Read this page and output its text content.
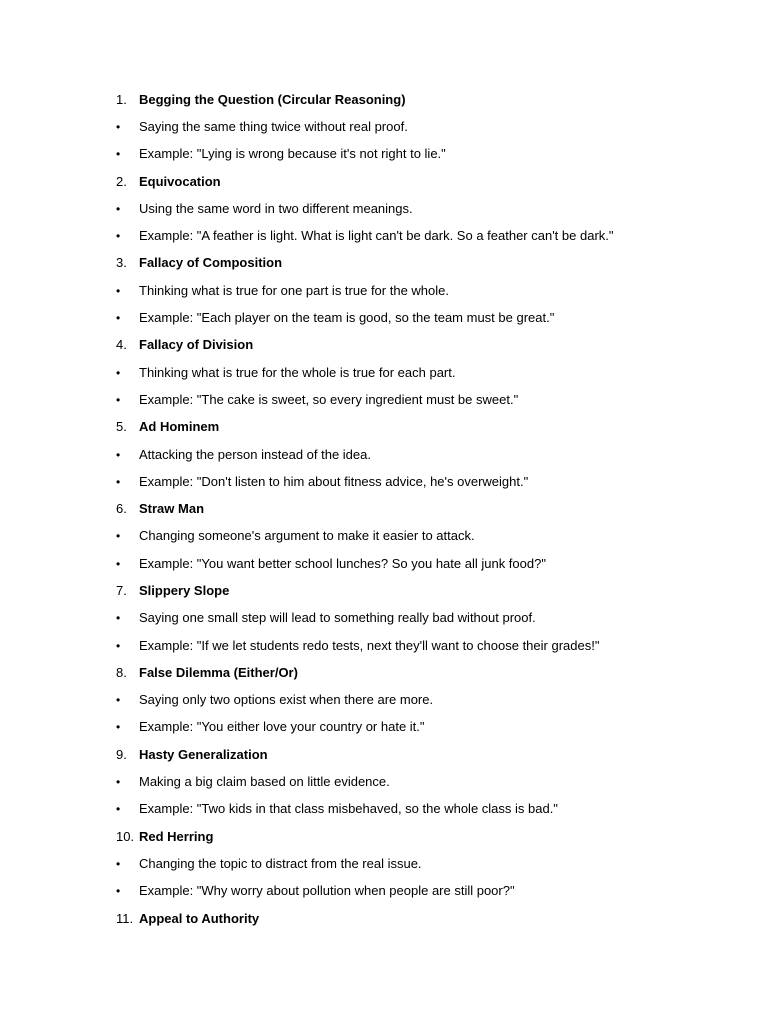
1. Begging the Question (Circular Reasoning)
•	Saying the same thing twice without real proof.
•	Example: "Lying is wrong because it's not right to lie."
2. Equivocation
•	Using the same word in two different meanings.
•	Example: "A feather is light. What is light can't be dark. So a feather can't be dark."
3. Fallacy of Composition
•	Thinking what is true for one part is true for the whole.
•	Example: "Each player on the team is good, so the team must be great."
4. Fallacy of Division
•	Thinking what is true for the whole is true for each part.
•	Example: "The cake is sweet, so every ingredient must be sweet."
5. Ad Hominem
•	Attacking the person instead of the idea.
•	Example: "Don't listen to him about fitness advice, he's overweight."
6. Straw Man
•	Changing someone's argument to make it easier to attack.
•	Example: "You want better school lunches? So you hate all junk food?"
7. Slippery Slope
•	Saying one small step will lead to something really bad without proof.
•	Example: "If we let students redo tests, next they'll want to choose their grades!"
8. False Dilemma (Either/Or)
•	Saying only two options exist when there are more.
•	Example: "You either love your country or hate it."
9. Hasty Generalization
•	Making a big claim based on little evidence.
•	Example: "Two kids in that class misbehaved, so the whole class is bad."
10. Red Herring
•	Changing the topic to distract from the real issue.
•	Example: "Why worry about pollution when people are still poor?"
11. Appeal to Authority
